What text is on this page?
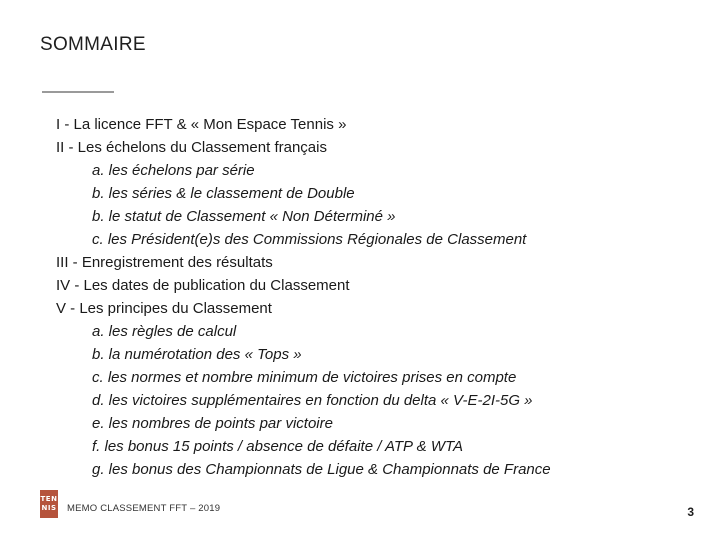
SOMMAIRE
I - La licence FFT & « Mon Espace Tennis »
II - Les échelons du Classement français
a. les échelons par série
b. les séries & le classement de Double
b. le statut de Classement « Non Déterminé »
c. les Président(e)s des Commissions Régionales de Classement
III - Enregistrement des résultats
IV - Les dates de publication du Classement
V - Les principes du Classement
a. les règles de calcul
b. la numérotation des « Tops »
c. les normes et nombre minimum de victoires prises en compte
d. les victoires supplémentaires en fonction du delta « V-E-2I-5G »
e. les nombres de points par victoire
f. les bonus 15 points / absence de défaite / ATP & WTA
g. les bonus des Championnats de Ligue & Championnats de France
TEN
NIS MEMO CLASSEMENT FFT – 2019	3
